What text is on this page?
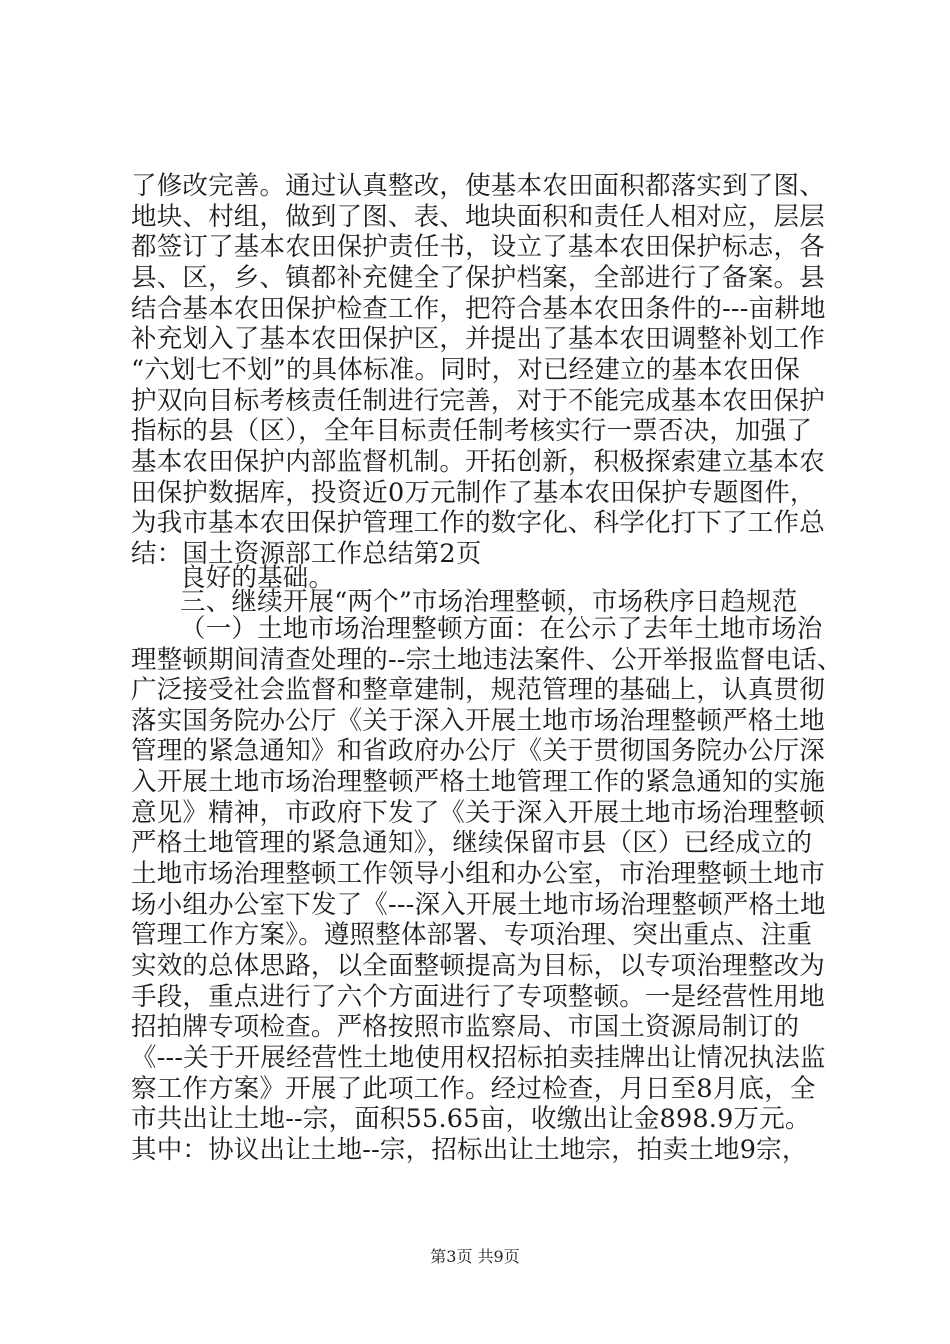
了修改完善。通过认真整改，使基本农田面积都落实到了图、
地块、村组，做到了图、表、地块面积和责任人相对应，层层
都签订了基本农田保护责任书，设立了基本农田保护标志，各
县、区，乡、镇都补充健全了保护档案，全部进行了备案。县
结合基本农田保护检查工作，把符合基本农田条件的---亩耕地
补充划入了基本农田保护区，并提出了基本农田调整补划工作
“六划七不划”的具体标准。同时，对已经建立的基本农田保
护双向目标考核责任制进行完善，对于不能完成基本农田保护
指标的县（区），全年目标责任制考核实行一票否决，加强了
基本农田保护内部监督机制。开拓创新，积极探索建立基本农
田保护数据库，投资近0万元制作了基本农田保护专题图件，
为我市基本农田保护管理工作的数字化、科学化打下了工作总
结：国土资源部工作总结第2页
良好的基础。
三、继续开展“两个”市场治理整顿，市场秩序日趋规范
（一）土地市场治理整顿方面：在公示了去年土地市场治
理整顿期间清查处理的--宗土地违法案件、公开举报监督电话、
广泛接受社会监督和整章建制，规范管理的基础上，认真贯彻
落实国务院办公厅《关于深入开展土地市场治理整顿严格土地
管理的紧急通知》和省政府办公厅《关于贯彻国务院办公厅深
入开展土地市场治理整顿严格土地管理工作的紧急通知的实施
意见》精神，市政府下发了《关于深入开展土地市场治理整顿
严格土地管理的紧急通知》，继续保留市县（区）已经成立的
土地市场治理整顿工作领导小组和办公室，市治理整顿土地市
场小组办公室下发了《---深入开展土地市场治理整顿严格土地
管理工作方案》。遵照整体部署、专项治理、突出重点、注重
实效的总体思路，以全面整顿提高为目标，以专项治理整改为
手段，重点进行了六个方面进行了专项整顿。一是经营性用地
招拍牌专项检查。严格按照市监察局、市国土资源局制订的
《---关于开展经营性土地使用权招标拍卖挂牌出让情况执法监
察工作方案》开展了此项工作。经过检查，月日至8月底，全
市共出让土地--宗，面积55.65亩，收缴出让金898.9万元。
其中：协议出让土地--宗，招标出让土地宗，拍卖土地9宗，
第3页 共9页
